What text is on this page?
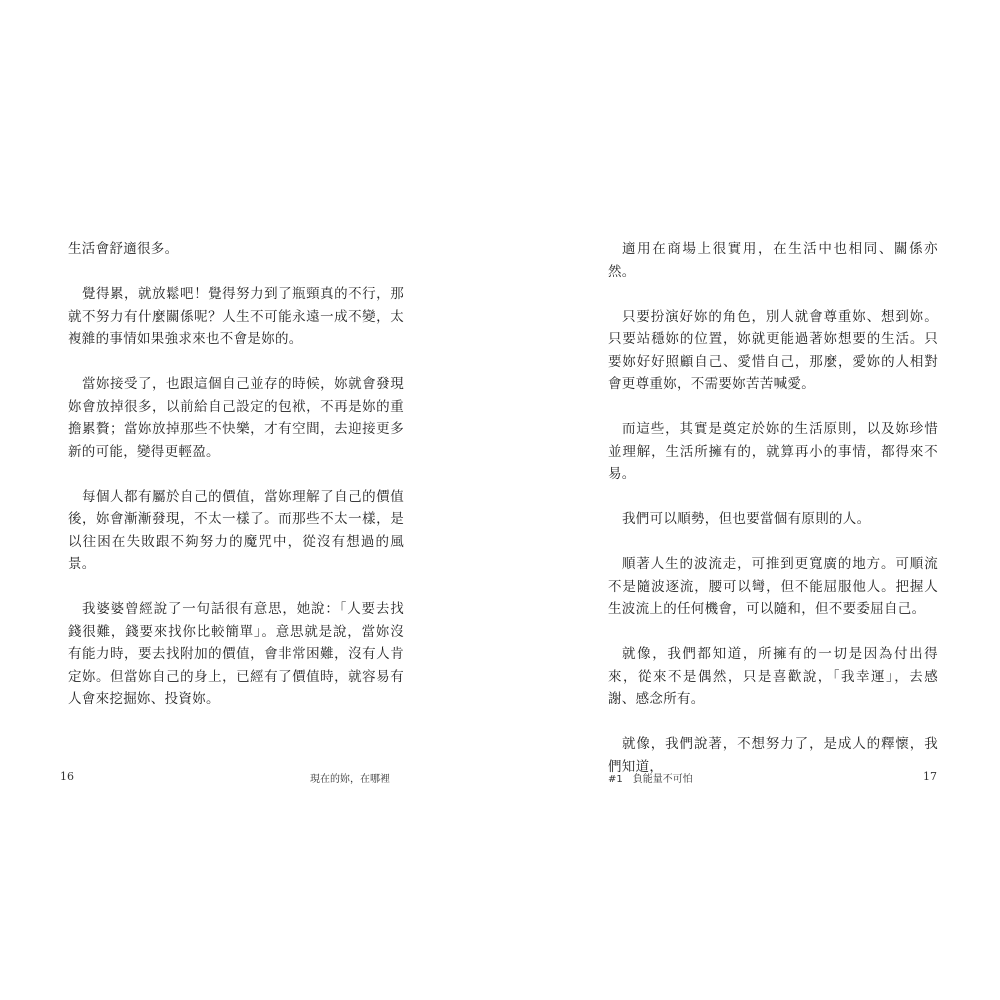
生活會舒適很多。

覺得累，就放鬆吧！覺得努力到了瓶頸真的不行，那就不努力有什麼關係呢？人生不可能永遠一成不變，太複雜的事情如果強求來也不會是妳的。

當妳接受了，也跟這個自己並存的時候，妳就會發現妳會放掉很多，以前給自己設定的包袱，不再是妳的重擔累贅；當妳放掉那些不快樂，才有空間，去迎接更多新的可能，變得更輕盈。

每個人都有屬於自己的價值，當妳理解了自己的價值後，妳會漸漸發現，不太一樣了。而那些不太一樣，是以往困在失敗跟不夠努力的魔咒中，從沒有想過的風景。

我婆婆曾經說了一句話很有意思，她說：「人要去找錢很難，錢要來找你比較簡單」。意思就是說，當妳沒有能力時，要去找附加的價值，會非常困難，沒有人肯定妳。但當妳自己的身上，已經有了價值時，就容易有人會來挖掘妳、投資妳。

16	現在的妳，在哪裡

適用在商場上很實用，在生活中也相同、關係亦然。

只要扮演好妳的角色，別人就會尊重妳、想到妳。只要站穩妳的位置，妳就更能過著妳想要的生活。只要妳好好照顧自己、愛惜自己，那麼，愛妳的人相對會更尊重妳，不需要妳苦苦喊愛。

而這些，其實是奠定於妳的生活原則，以及妳珍惜並理解，生活所擁有的，就算再小的事情，都得來不易。

我們可以順勢，但也要當個有原則的人。

順著人生的波流走，可推到更寬廣的地方。可順流不是隨波逐流，腰可以彎，但不能屈服他人。把握人生波流上的任何機會，可以隨和，但不要委屈自己。

就像，我們都知道，所擁有的一切是因為付出得來，從來不是偶然，只是喜歡說，「我幸運」，去感謝、感念所有。

就像，我們說著，不想努力了，是成人的釋懷，我們知道，

#1　負能量不可怕	17
